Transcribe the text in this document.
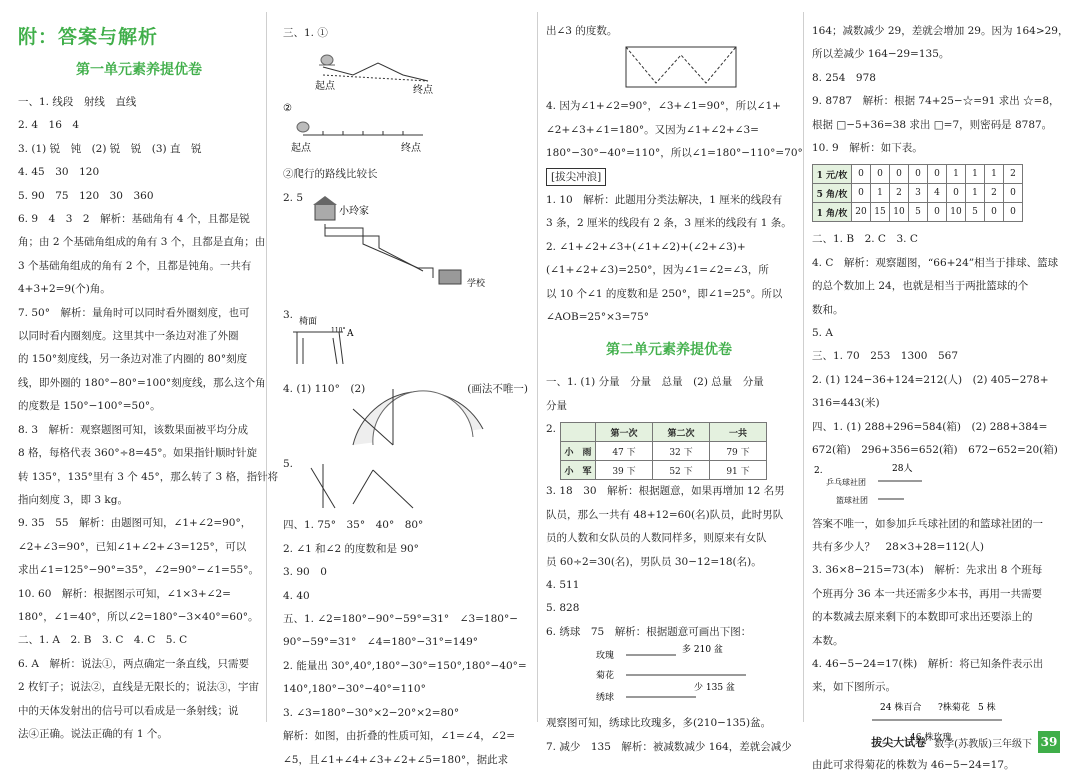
附：答案与解析
第一单元素养提优卷
一、1. 线段　射线　直线
2. 4　16　4
3. (1) 锐　钝　(2) 锐　锐　(3) 直　锐
4. 45　30　120
5. 90　75　120　30　360
6. 9　4　3　2　解析：基础角有 4 个，且都是锐
角；由 2 个基础角组成的角有 3 个，且都是直角；由
3 个基础角组成的角有 2 个，且都是钝角。一共有
4+3+2=9(个)角。
7. 50°　解析：量角时可以同时看外圈刻度，也可
以同时看内圈刻度。这里其中一条边对准了外圈
的 150°刻度线，另一条边对准了内圈的 80°刻度
线，即外圈的 180°−80°=100°刻度线，那么这个角
的度数是 150°−100°=50°。
8. 3　解析：观察题图可知，该数果面被平均分成
8 格，每格代表 360°÷8=45°。如果指针顺时针旋
转 135°，135°里有 3 个 45°，那么转了 3 格，指针将
指向刻度 3，即 3 kg。
9. 35　55　解析：由题图可知，∠1+∠2=90°，
∠2+∠3=90°，已知∠1+∠2+∠3=125°，可以
求出∠1=125°−90°=35°，∠2=90°−∠1=55°。
10. 60　解析：根据图示可知，∠1×3+∠2=
180°，∠1=40°，所以∠2=180°−3×40°=60°。
二、1. A　2. B　3. C　4. C　5. C
6. A　解析：说法①，两点确定一条直线，只需要
2 枚钉子；说法②，直线是无限长的；说法③，宇宙
中的天体发射出的信号可以看成是一条射线；说
法④正确。说法正确的有 1 个。
三、1. ①
起点	终点

②
起点	终点
②爬行的路线比较长
2. 5
小玲家
学校
3.
椅面
110° A
4. (1) 110°　(2)	(画法不唯一)
5.
四、1. 75°　35°　40°　80°
2. ∠1 和∠2 的度数和是 90°
3. 90　0
4. 40
五、1. ∠2=180°−90°−59°=31°　∠3=180°−
90°−59°=31°　∠4=180°−31°=149°
2. 能量出 30°,40°,180°−30°=150°,180°−40°=
140°,180°−30°−40°=110°
3. ∠3=180°−30°×2−20°×2=80°
解析：如图，由折叠的性质可知，∠1=∠4，∠2=
∠5，且∠1+∠4+∠3+∠2+∠5=180°，据此求
出∠3 的度数。
4. 因为∠1+∠2=90°，∠3+∠1=90°，所以∠1+
∠2+∠3+∠1=180°。又因为∠1+∠2+∠3=
180°−30°−40°=110°，所以∠1=180°−110°=70°
[拔尖冲浪]
1. 10　解析：此题用分类法解决，1 厘米的线段有
3 条，2 厘米的线段有 2 条，3 厘米的线段有 1 条。
2. ∠1+∠2+∠3+(∠1+∠2)+(∠2+∠3)+
(∠1+∠2+∠3)=250°，因为∠1=∠2=∠3，所
以 10 个∠1 的度数和是 250°，即∠1=25°。所以
∠AOB=25°×3=75°
第二单元素养提优卷
一、1. (1) 分量　分量　总量　(2) 总量　分量
分量
2.
		第一次	第二次	一共
小　雨	47 下	32 下	79 下
小　军	39 下	52 下	91 下
3. 18　30　解析：根据题意，如果再增加 12 名男
队员，那么一共有 48+12=60(名)队员，此时男队
员的人数和女队员的人数同样多，则原来有女队
员 60÷2=30(名)，男队员 30−12=18(名)。
4. 511
5. 828
6. 绣球　75　解析：根据题意可画出下图：
玫瑰
菊花
绣球
多 210 盆
少 135 盆
观察图可知，绣球比玫瑰多，多(210−135)盆。
7. 减少　135　解析：被减数减少 164，差就会减少
164；减数减少 29，差就会增加 29。因为 164>29，
所以差减少 164−29=135。
8. 254　978
9. 8787　解析：根据 74+25−☆=91 求出 ☆=8，
根据 □−5+36=38 求出 □=7，则密码是 8787。
10. 9　解析：如下表。
1 元/枚	0	0	0	0	0	1	1	1	2
5 角/枚	0	1	2	3	4	0	1	2	0
1 角/枚	20	15	10	5	0	10	5	0	0
二、1. B　2. C　3. C
4. C　解析：观察题图，“66+24”相当于排球、篮球
的总个数加上 24，也就是相当于两批篮球的个
数和。
5. A
三、1. 70　253　1300　567
2. (1) 124−36+124=212(人)　(2) 405−278+
316=443(米)
四、1. (1) 288+296=584(箱)　(2) 288+384=
672(箱)　296+356=652(箱)　672−652=20(箱)
2.	28人
乒乓球社团
篮球社团
答案不唯一，如参加乒乓球社团的和篮球社团的一
共有多少人？　28×3+28=112(人)
3. 36×8−215=73(本)　解析：先求出 8 个班每
个班再分 36 本一共还需多少本书，再用一共需要
的本数减去原来剩下的本数即可求出还要添上的
本数。
4. 46−5−24=17(株)　解析：将已知条件表示出
来，如下图所示。
24 株百合 ?株菊花 5 株
46 株玫瑰
由此可求得菊花的株数为 46−5−24=17。
拔尖大试卷 数学(苏教版)三年级下 39
